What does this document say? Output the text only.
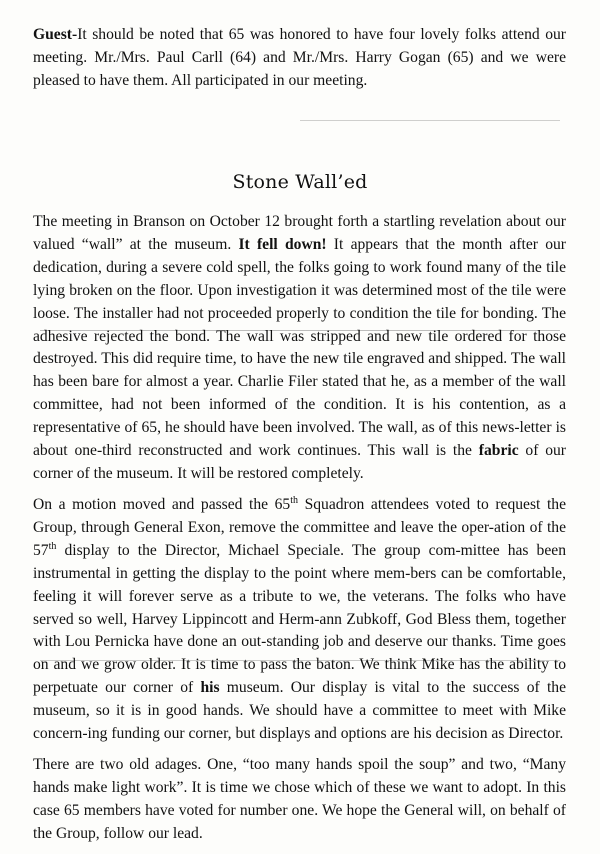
Guest-It should be noted that 65 was honored to have four lovely folks attend our meeting. Mr./Mrs. Paul Carll (64) and Mr./Mrs. Harry Gogan (65) and we were pleased to have them. All participated in our meeting.

Stone Wall’ed

The meeting in Branson on October 12 brought forth a startling revelation about our valued “wall” at the museum. It fell down! It appears that the month after our dedication, during a severe cold spell, the folks going to work found many of the tile lying broken on the floor. Upon investigation it was determined most of the tile were loose. The installer had not proceeded properly to condition the tile for bonding. The adhesive rejected the bond. The wall was stripped and new tile ordered for those destroyed. This did require time, to have the new tile engraved and shipped. The wall has been bare for almost a year. Charlie Filer stated that he, as a member of the wall committee, had not been informed of the condition. It is his contention, as a representative of 65, he should have been involved. The wall, as of this news-letter is about one-third reconstructed and work continues. This wall is the fabric of our corner of the museum. It will be restored completely.

On a motion moved and passed the 65th Squadron attendees voted to request the Group, through General Exon, remove the committee and leave the oper-ation of the 57th display to the Director, Michael Speciale. The group com-mittee has been instrumental in getting the display to the point where mem-bers can be comfortable, feeling it will forever serve as a tribute to we, the veterans. The folks who have served so well, Harvey Lippincott and Herm-ann Zubkoff, God Bless them, together with Lou Pernicka have done an out-standing job and deserve our thanks. Time goes on and we grow older. It is time to pass the baton. We think Mike has the ability to perpetuate our corner of his museum. Our display is vital to the success of the museum, so it is in good hands. We should have a committee to meet with Mike concern-ing funding our corner, but displays and options are his decision as Director.

There are two old adages. One, “too many hands spoil the soup” and two, “Many hands make light work”. It is time we chose which of these we want to adopt. In this case 65 members have voted for number one. We hope the General will, on behalf of the Group, follow our lead.
